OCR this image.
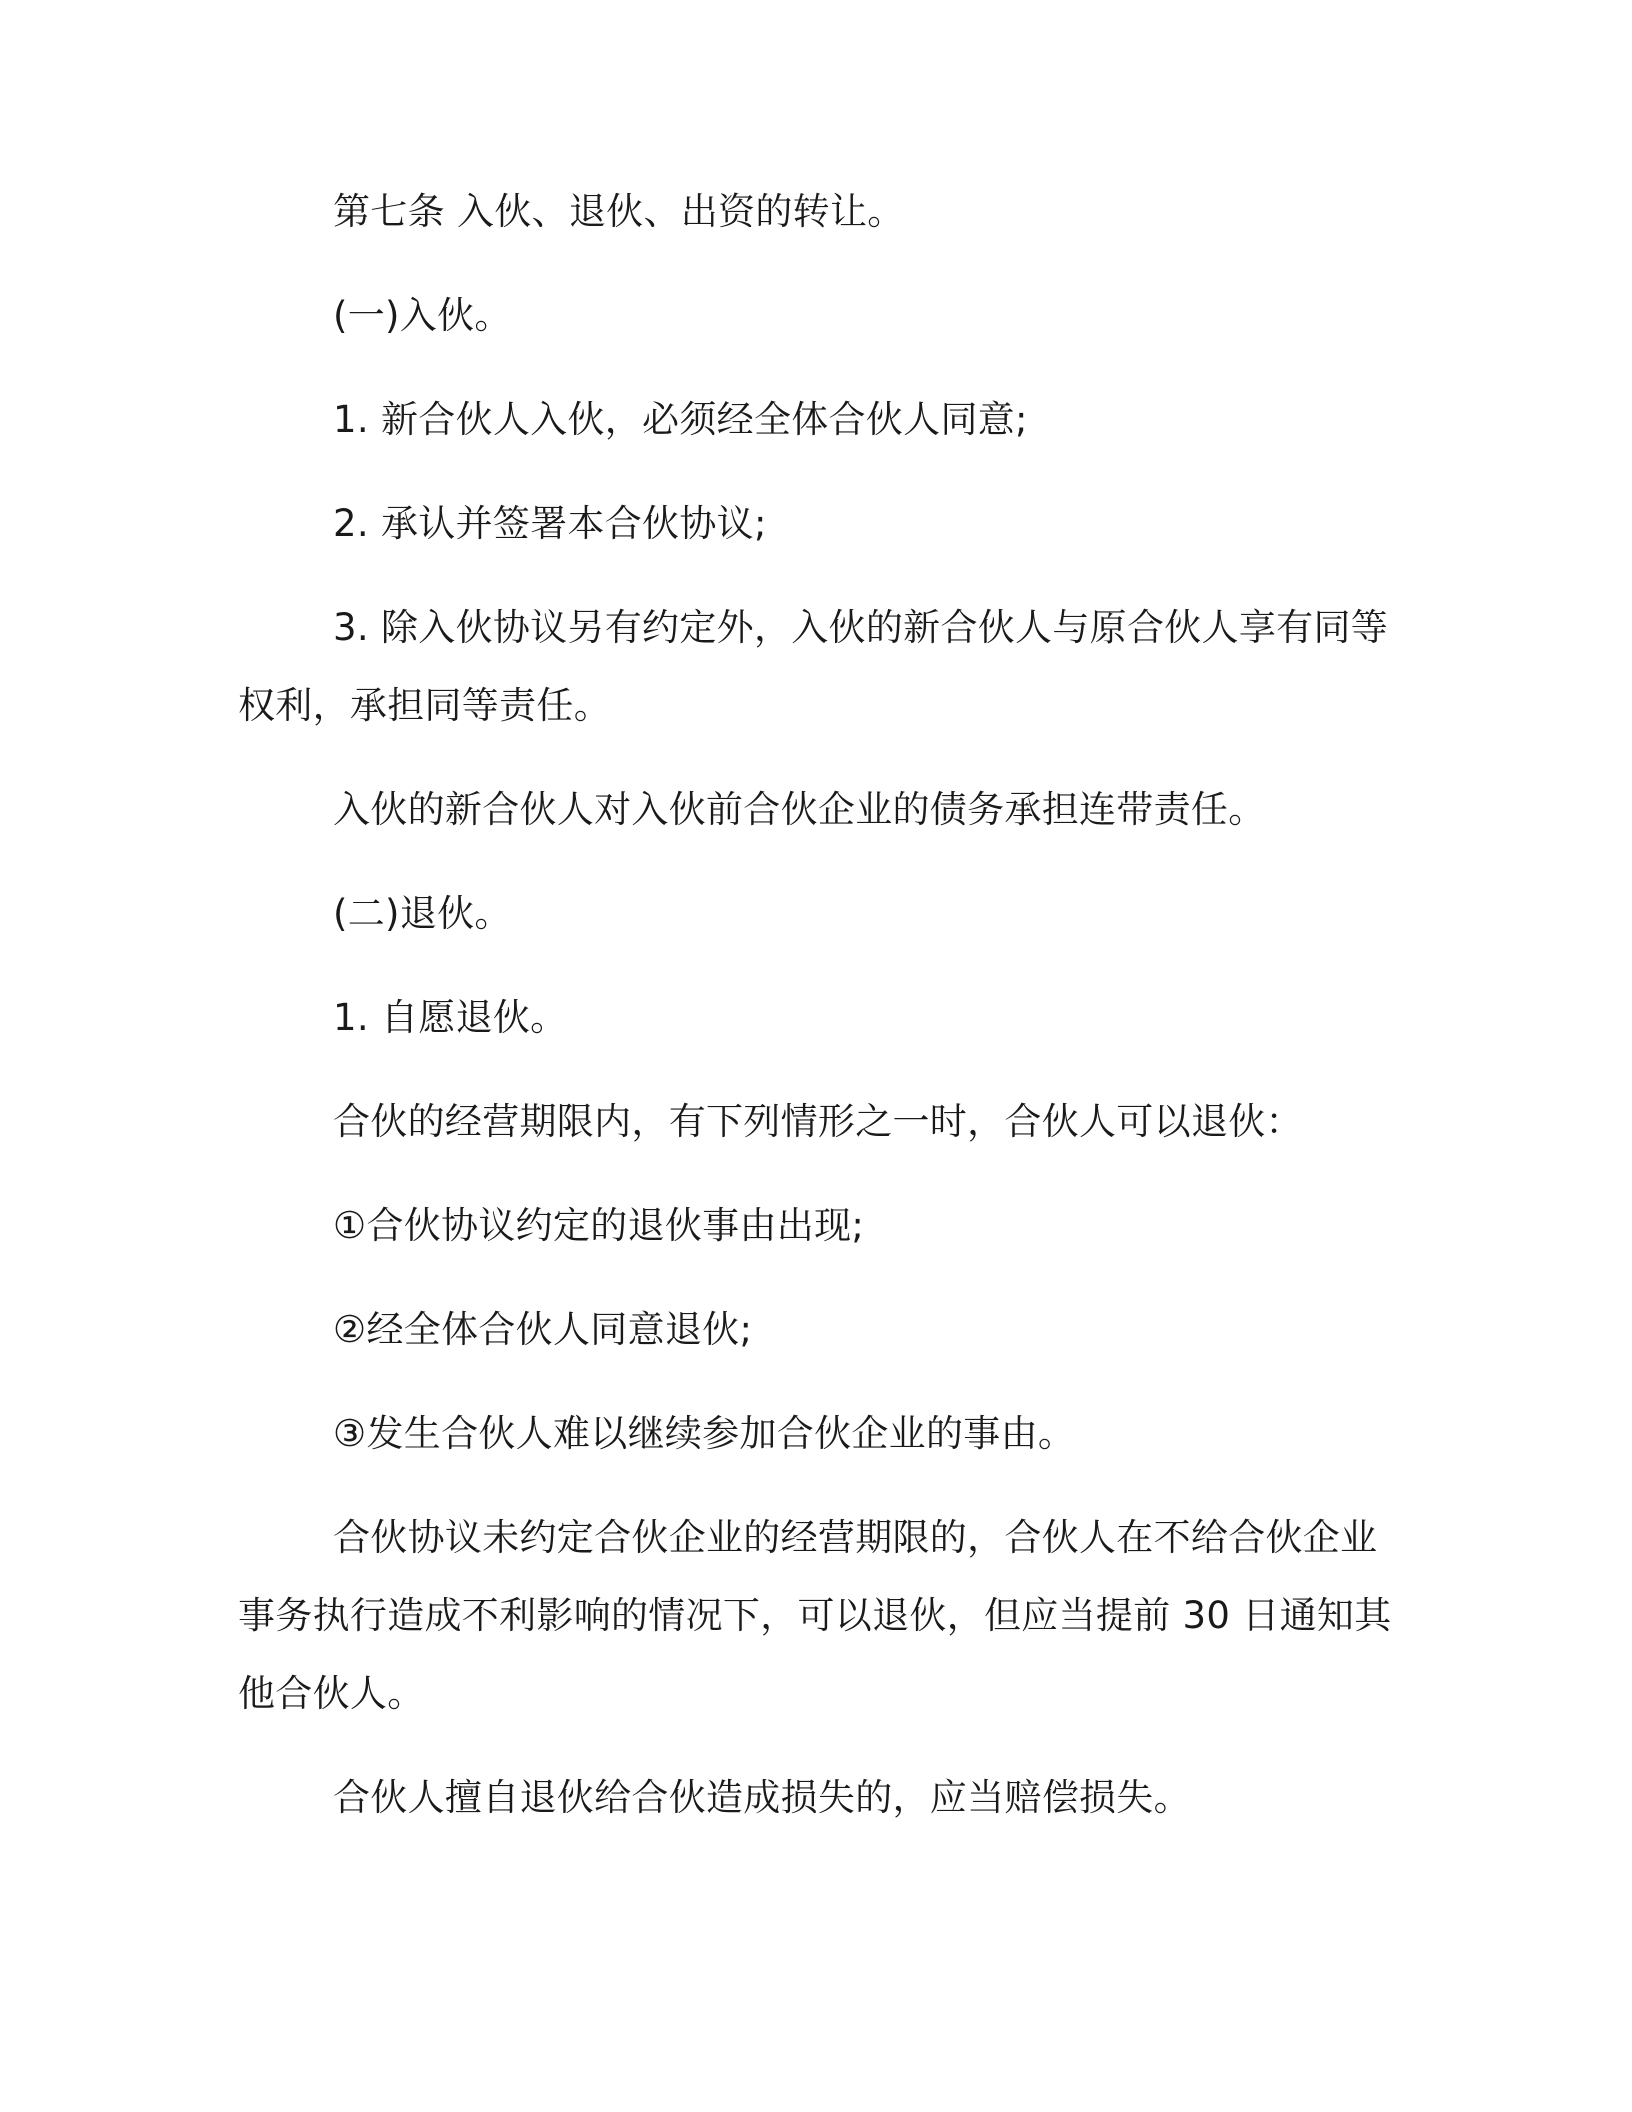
第七条 入伙、退伙、出资的转让。
(一)入伙。
1. 新合伙人入伙，必须经全体合伙人同意;
2. 承认并签署本合伙协议;
3. 除入伙协议另有约定外，入伙的新合伙人与原合伙人享有同等
权利，承担同等责任。
入伙的新合伙人对入伙前合伙企业的债务承担连带责任。
(二)退伙。
1. 自愿退伙。
合伙的经营期限内，有下列情形之一时，合伙人可以退伙：
①合伙协议约定的退伙事由出现;
②经全体合伙人同意退伙;
③发生合伙人难以继续参加合伙企业的事由。
合伙协议未约定合伙企业的经营期限的，合伙人在不给合伙企业
事务执行造成不利影响的情况下，可以退伙，但应当提前 30 日通知其
他合伙人。
合伙人擅自退伙给合伙造成损失的，应当赔偿损失。
